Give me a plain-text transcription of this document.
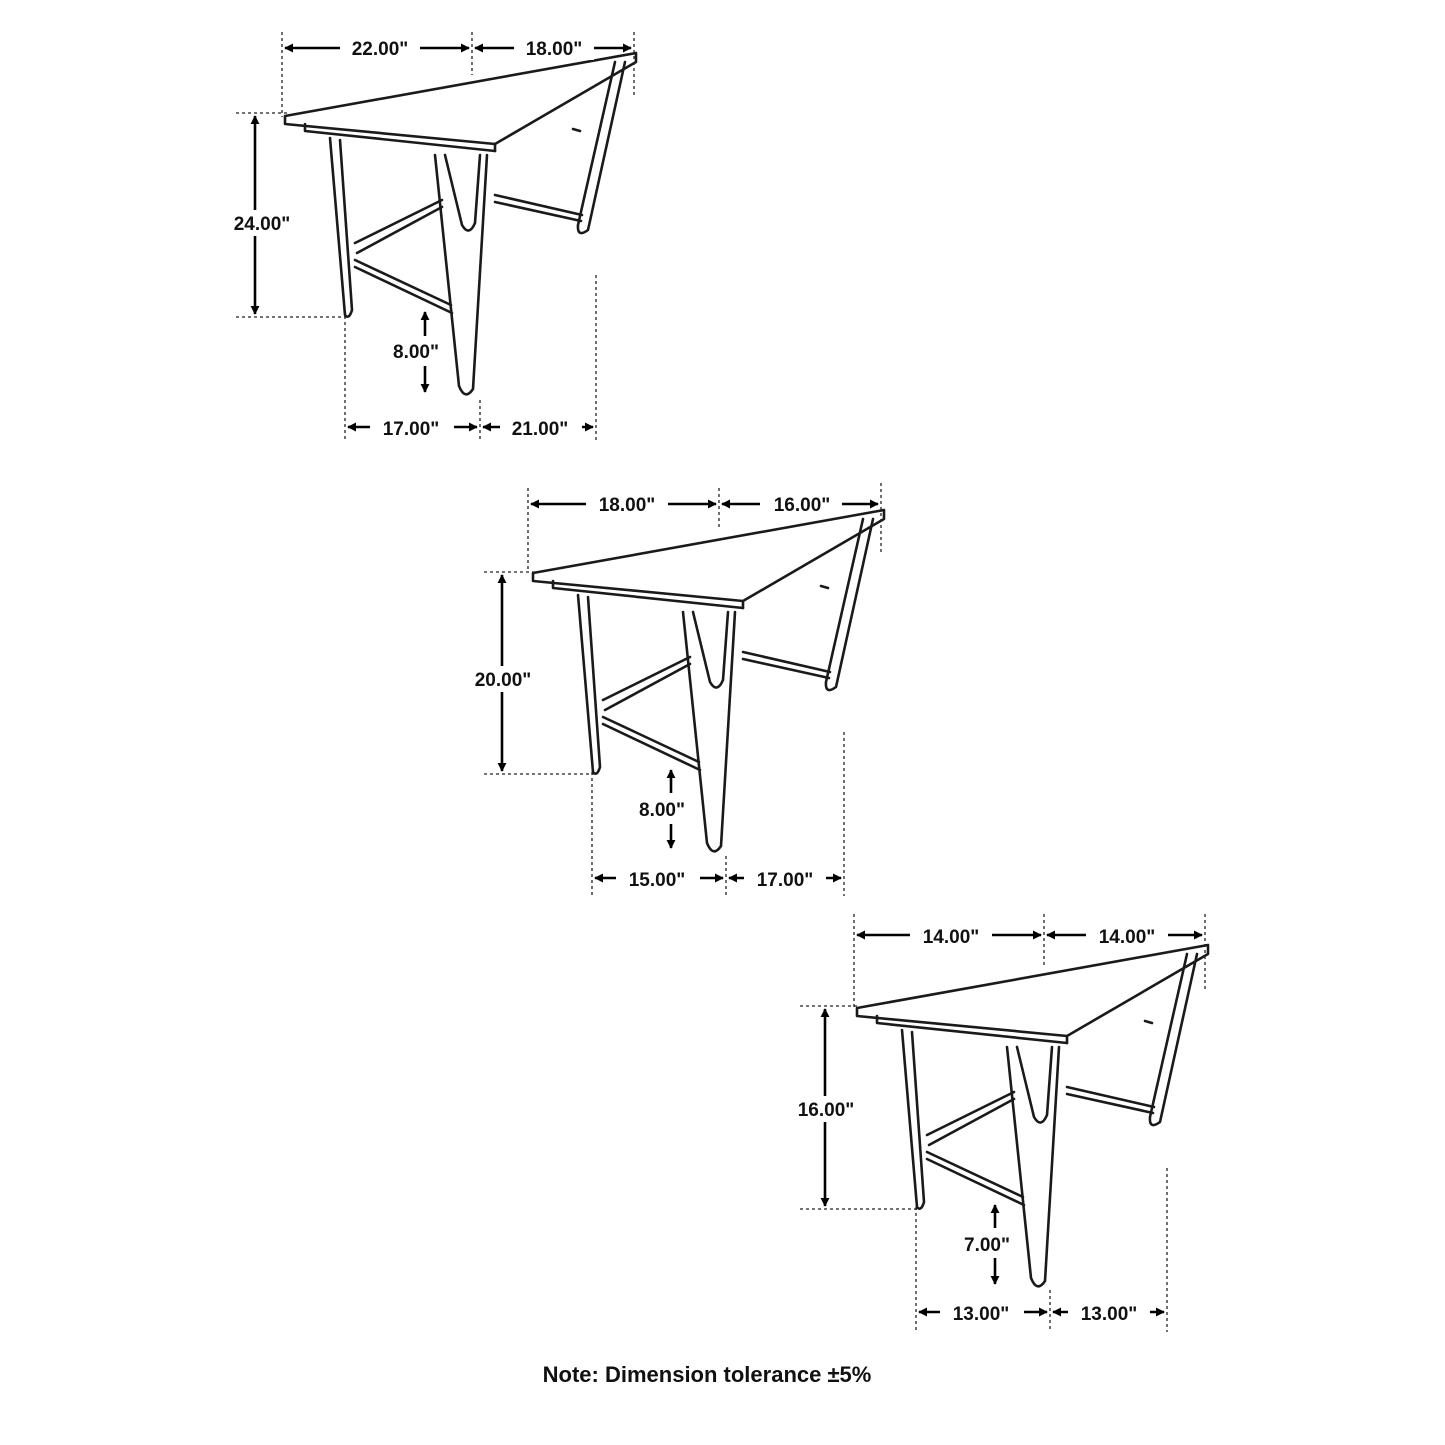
22.00"	18.00"
24.00"
8.00"
17.00"	21.00"
18.00"	16.00"
20.00"
8.00"
15.00"	17.00"
14.00"	14.00"
16.00"
7.00"
13.00"	13.00"
Note: Dimension tolerance ±5%
